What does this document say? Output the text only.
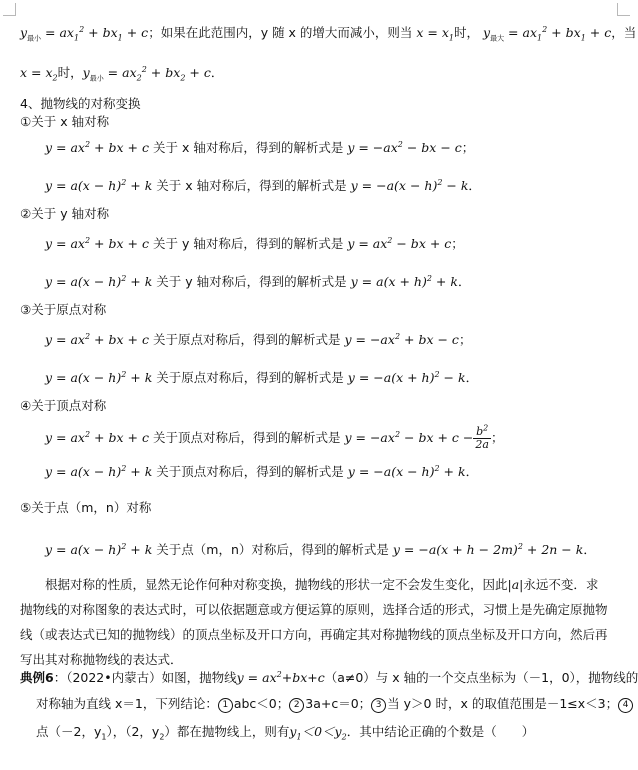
$y_{最小} = ax_1^2 + bx_1 + c$；如果在此范围内，y 随 x 的增大而减小，则当 $x = x_1$时， $y_{最大} = ax_1^2 + bx_1 + c$，当
$x = x_2$时，$y_{最小} = ax_2^2 + bx_2 + c$．
4、抛物线的对称变换
①关于 x 轴对称
$y = ax^2$ + bx + c 关于 x 轴对称后，得到的解析式是 $y = -ax^2$ − bx − c；
$y = a(x - h)^2 + k$ 关于 x 轴对称后，得到的解析式是 $y = -a(x - h)^2 - k$．
②关于 y 轴对称
$y = ax^2$ + bx + c 关于 y 轴对称后，得到的解析式是 $y = ax^2$ − bx + c；
$y = a(x - h)^2 + k$ 关于 y 轴对称后，得到的解析式是 $y = a(x + h)^2 + k$．
③关于原点对称
$y = ax^2$ + bx + c 关于原点对称后，得到的解析式是 $y = -ax^2$ + bx − c；
$y = a(x - h)^2 + k$ 关于原点对称后，得到的解析式是 $y = -a(x + h)^2 - k$．
④关于顶点对称
$y = ax^2$ + bx + c 关于顶点对称后，得到的解析式是 $y = -ax^2$ − bx + $c - \frac{b^2}{2a}$ ；
$y = a(x - h)^2 + k$ 关于顶点对称后，得到的解析式是 $y = -a(x - h)^2 + k$．
⑤关于点（m，n）对称
$y = a(x - h)^2 + k$ 关于点（m，n）对称后，得到的解析式是 $y = -a(x + h - 2m)^2 + 2n - k$．
根据对称的性质，显然无论作何种对称变换，抛物线的形状一定不会发生变化，因此|a|永远不变．求抛物线的对称图象的表达式时，可以依据题意或方便运算的原则，选择合适的形式，习惯上是先确定原抛物线（或表达式已知的抛物线）的顶点坐标及开口方向，再确定其对称抛物线的顶点坐标及开口方向，然后再写出其对称抛物线的表达式．
典例6：（2022•内蒙古）如图，抛物线$y = ax^2+bx+c(a\ne 0)$与 x 轴的一个交点坐标为（－1，0），抛物线的
对称轴为直线 x＝1，下列结论： 1 abc＜0； 2 3a+c＝0； 3 当 y＞0 时，x 的取值范围是－1≤x＜3； 4
点（－2，$y_1$），（2，$y_2$）都在抛物线上，则有$y_1<0<y_2$．其中结论正确的个数是（　　）
